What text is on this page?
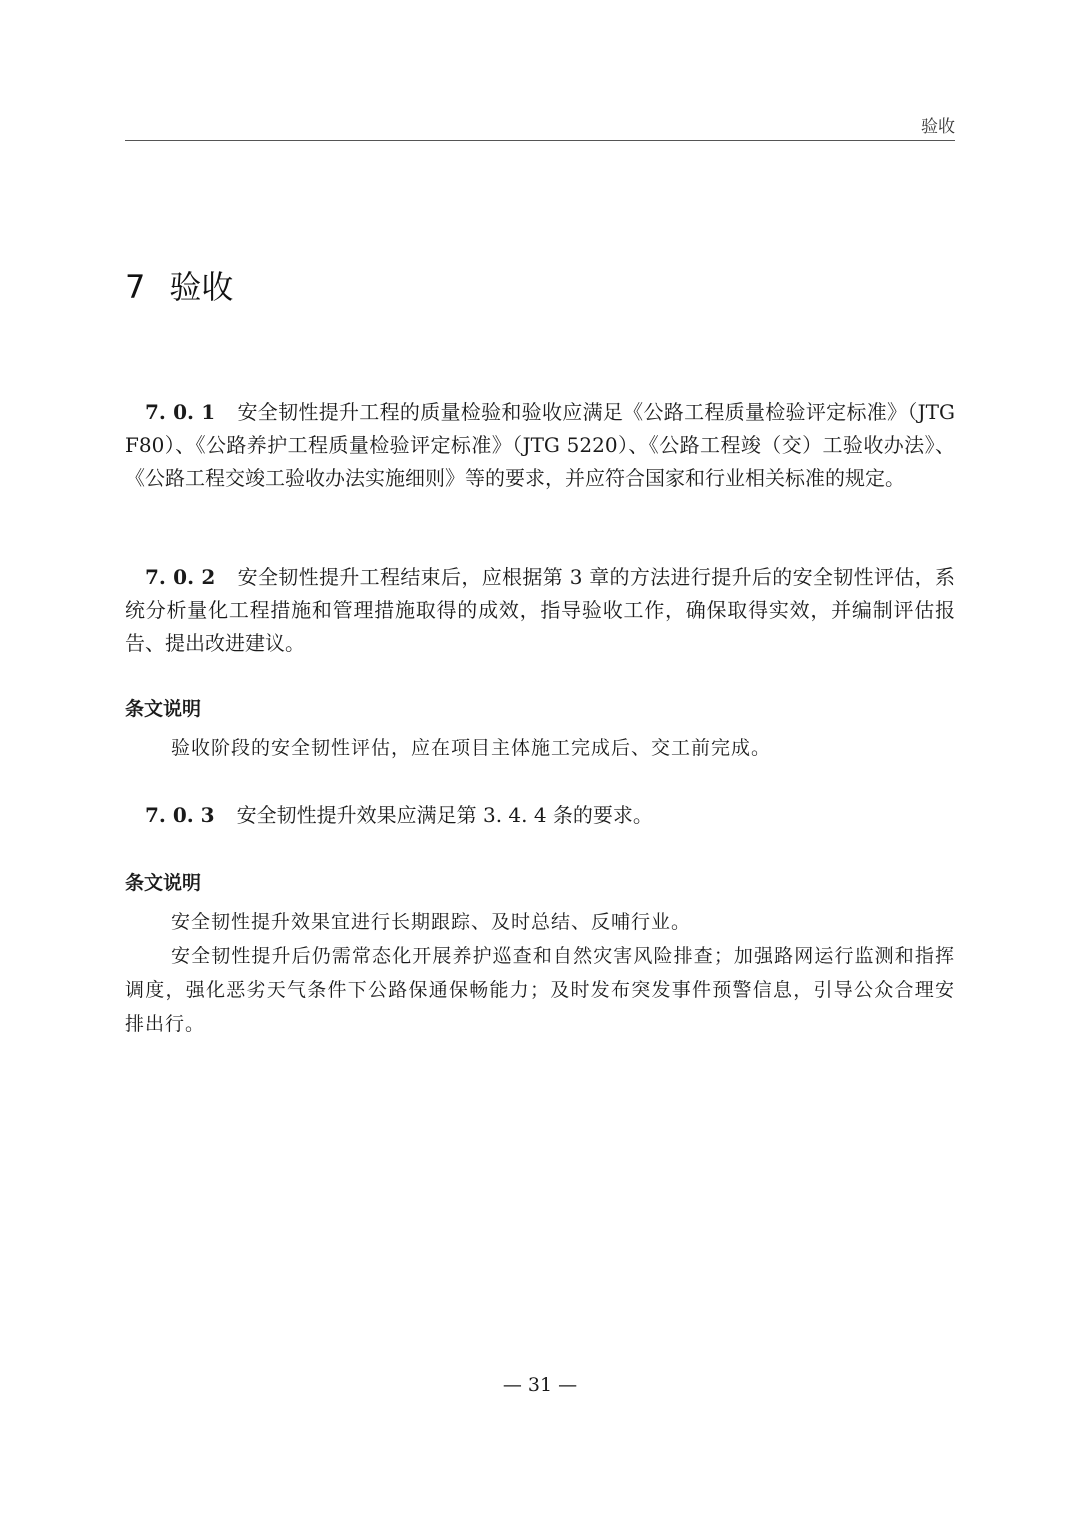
验收
7 验收
7. 0. 1 安全韧性提升工程的质量检验和验收应满足《公路工程质量检验评定标准》（JTG F80）、《公路养护工程质量检验评定标准》（JTG 5220）、《公路工程竣（交）工验收办法》、《公路工程交竣工验收办法实施细则》等的要求，并应符合国家和行业相关标准的规定。
7. 0. 2 安全韧性提升工程结束后，应根据第 3 章的方法进行提升后的安全韧性评估，系统分析量化工程措施和管理措施取得的成效，指导验收工作，确保取得实效，并编制评估报告、提出改进建议。
条文说明
验收阶段的安全韧性评估，应在项目主体施工完成后、交工前完成。
7. 0. 3 安全韧性提升效果应满足第 3. 4. 4 条的要求。
条文说明
安全韧性提升效果宜进行长期跟踪、及时总结、反哺行业。
安全韧性提升后仍需常态化开展养护巡查和自然灾害风险排查；加强路网运行监测和指挥调度，强化恶劣天气条件下公路保通保畅能力；及时发布突发事件预警信息，引导公众合理安排出行。
— 31 —
